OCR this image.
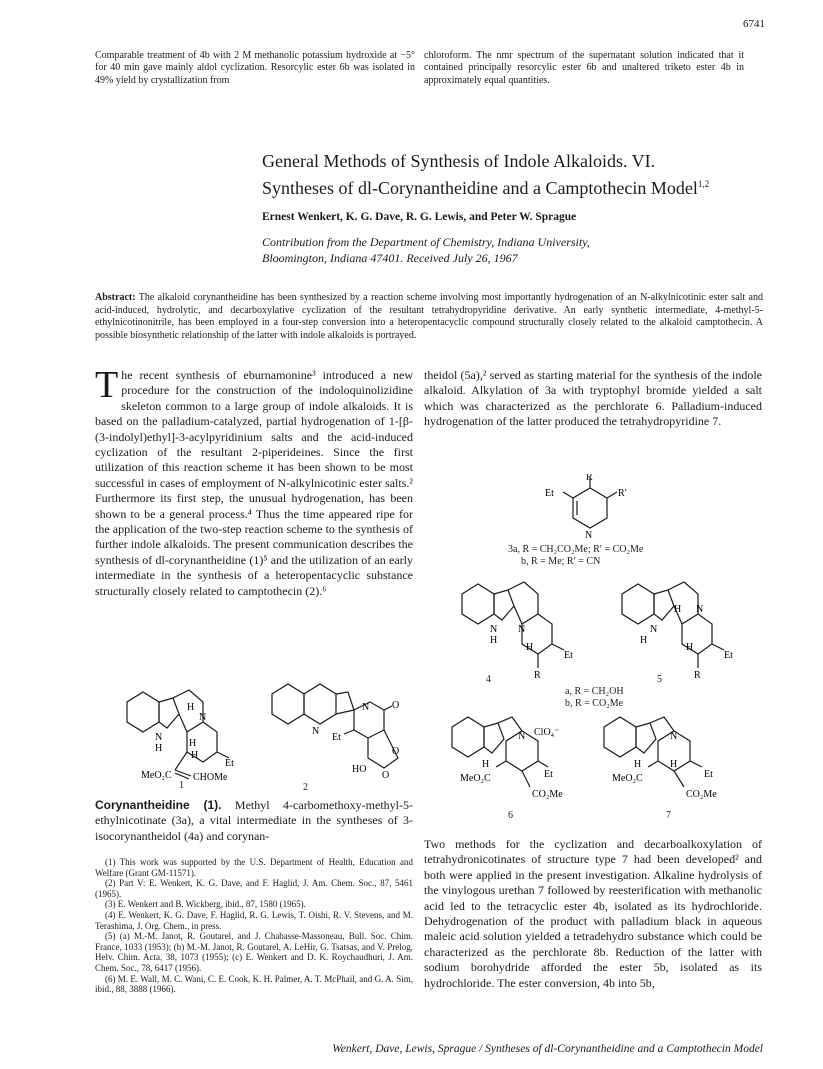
6741
Comparable treatment of 4b with 2 M methanolic potassium hydroxide at −5° for 40 min gave mainly aldol cyclization. Resorcylic ester 6b was isolated in 49% yield by crystallization from
chloroform. The nmr spectrum of the supernatant solution indicated that it contained principally resorcylic ester 6b and unaltered triketo ester 4b in approximately equal quantities.
General Methods of Synthesis of Indole Alkaloids. VI.
Syntheses of dl-Corynantheidine and a Camptothecin Model$^{1,2}$
Ernest Wenkert, K. G. Dave, R. G. Lewis, and Peter W. Sprague
Contribution from the Department of Chemistry, Indiana University,
Bloomington, Indiana 47401. Received July 26, 1967
Abstract: The alkaloid corynantheidine has been synthesized by a reaction scheme involving most importantly hydrogenation of an N-alkylnicotinic ester salt and acid-induced, hydrolytic, and decarboxylative cyclization of the resultant tetrahydropyridine derivative. An early synthetic intermediate, 4-methyl-5-ethylnicotinonitrile, has been employed in a four-step conversion into a heteropentacyclic compound structurally closely related to the alkaloid camptothecin. A possible biosynthetic relationship of the latter with indole alkaloids is portrayed.
The recent synthesis of eburnamonine³ introduced a new procedure for the construction of the indoloquinolizidine skeleton common to a large group of indole alkaloids. It is based on the palladium-catalyzed, partial hydrogenation of 1-[β-(3-indolyl)ethyl]-3-acylpyridinium salts and the acid-induced cyclization of the resultant 2-piperideines. Since the first utilization of this reaction scheme it has been shown to be most successful in cases of employment of N-alkylnicotinic ester salts.² Furthermore its first step, the unusual hydrogenation, has been shown to be a general process.⁴ Thus the time appeared ripe for the application of the two-step reaction scheme to the synthesis of further indole alkaloids. The present communication describes the synthesis of dl-corynantheidine (1)⁵ and the utilization of an early intermediate in the synthesis of a heteropentacyclic substance structurally closely related to camptothecin (2).⁶
theidol (5a),² served as starting material for the synthesis of the indole alkaloid. Alkylation of 3a with tryptophyl bromide yielded a salt which was characterized as the perchlorate 6. Palladium-induced hydrogenation of the latter produced the tetrahydropyridine 7.
R
R′
Et
N
3a, R = CH₂CO₂Me; R′ = CO₂Me
b, R = Me; R′ = CN
N
H
N
H
Et
R
4
N
H
H N
H
Et
R
5
a, R = CH₂OH
b, R = CO₂Me
N
H
H
N
H
H
Et
MeO₂C CHOMe
1
N
N O
O
Et
HO
O
2
N ClO₄⁻
H
Et
MeO₂C
CO₂Me
6
N
H	H
Et
MeO₂C
CO₂Me
7
Corynantheidine (1). Methyl 4-carbomethoxy-methyl-5-ethylnicotinate (3a), a vital intermediate in the syntheses of 3-isocorynantheidol (4a) and corynan-
(1) This work was supported by the U.S. Department of Health, Education and Welfare (Grant GM-11571).
(2) Part V: E. Wenkert, K. G. Dave, and F. Haglid, J. Am. Chem. Soc., 87, 5461 (1965).
(3) E. Wenkert and B. Wickberg, ibid., 87, 1580 (1965).
(4) E. Wenkert, K. G. Dave, F. Haglid, R. G. Lewis, T. Oishi, R. V. Stevens, and M. Terashima, J. Org. Chem., in press.
(5) (a) M.-M. Janot, R. Goutarel, and J. Chabasse-Massoneau, Bull. Soc. Chim. France, 1033 (1953); (b) M.-M. Janot, R. Goutarel, A. LeHir, G. Tsatsas, and V. Prelog, Helv. Chim. Acta, 38, 1073 (1955); (c) E. Wenkert and D. K. Roychaudhuri, J. Am. Chem. Soc., 78, 6417 (1956).
(6) M. E. Wall, M. C. Wani, C. E. Cook, K. H. Palmer, A. T. McPhail, and G. A. Sim, ibid., 88, 3888 (1966).
Two methods for the cyclization and decarboalkoxylation of tetrahydronicotinates of structure type 7 had been developed² and both were applied in the present investigation. Alkaline hydrolysis of the vinylogous urethan 7 followed by reesterification with methanolic acid led to the tetracyclic ester 4b, isolated as its hydrochloride. Dehydrogenation of the product with palladium black in aqueous maleic acid solution yielded a tetradehydro substance which could be characterized as the perchlorate 8b. Reduction of the latter with sodium borohydride afforded the ester 5b, isolated as its hydrochloride. The ester conversion, 4b into 5b,
Wenkert, Dave, Lewis, Sprague / Syntheses of dl-Corynantheidine and a Camptothecin Model
